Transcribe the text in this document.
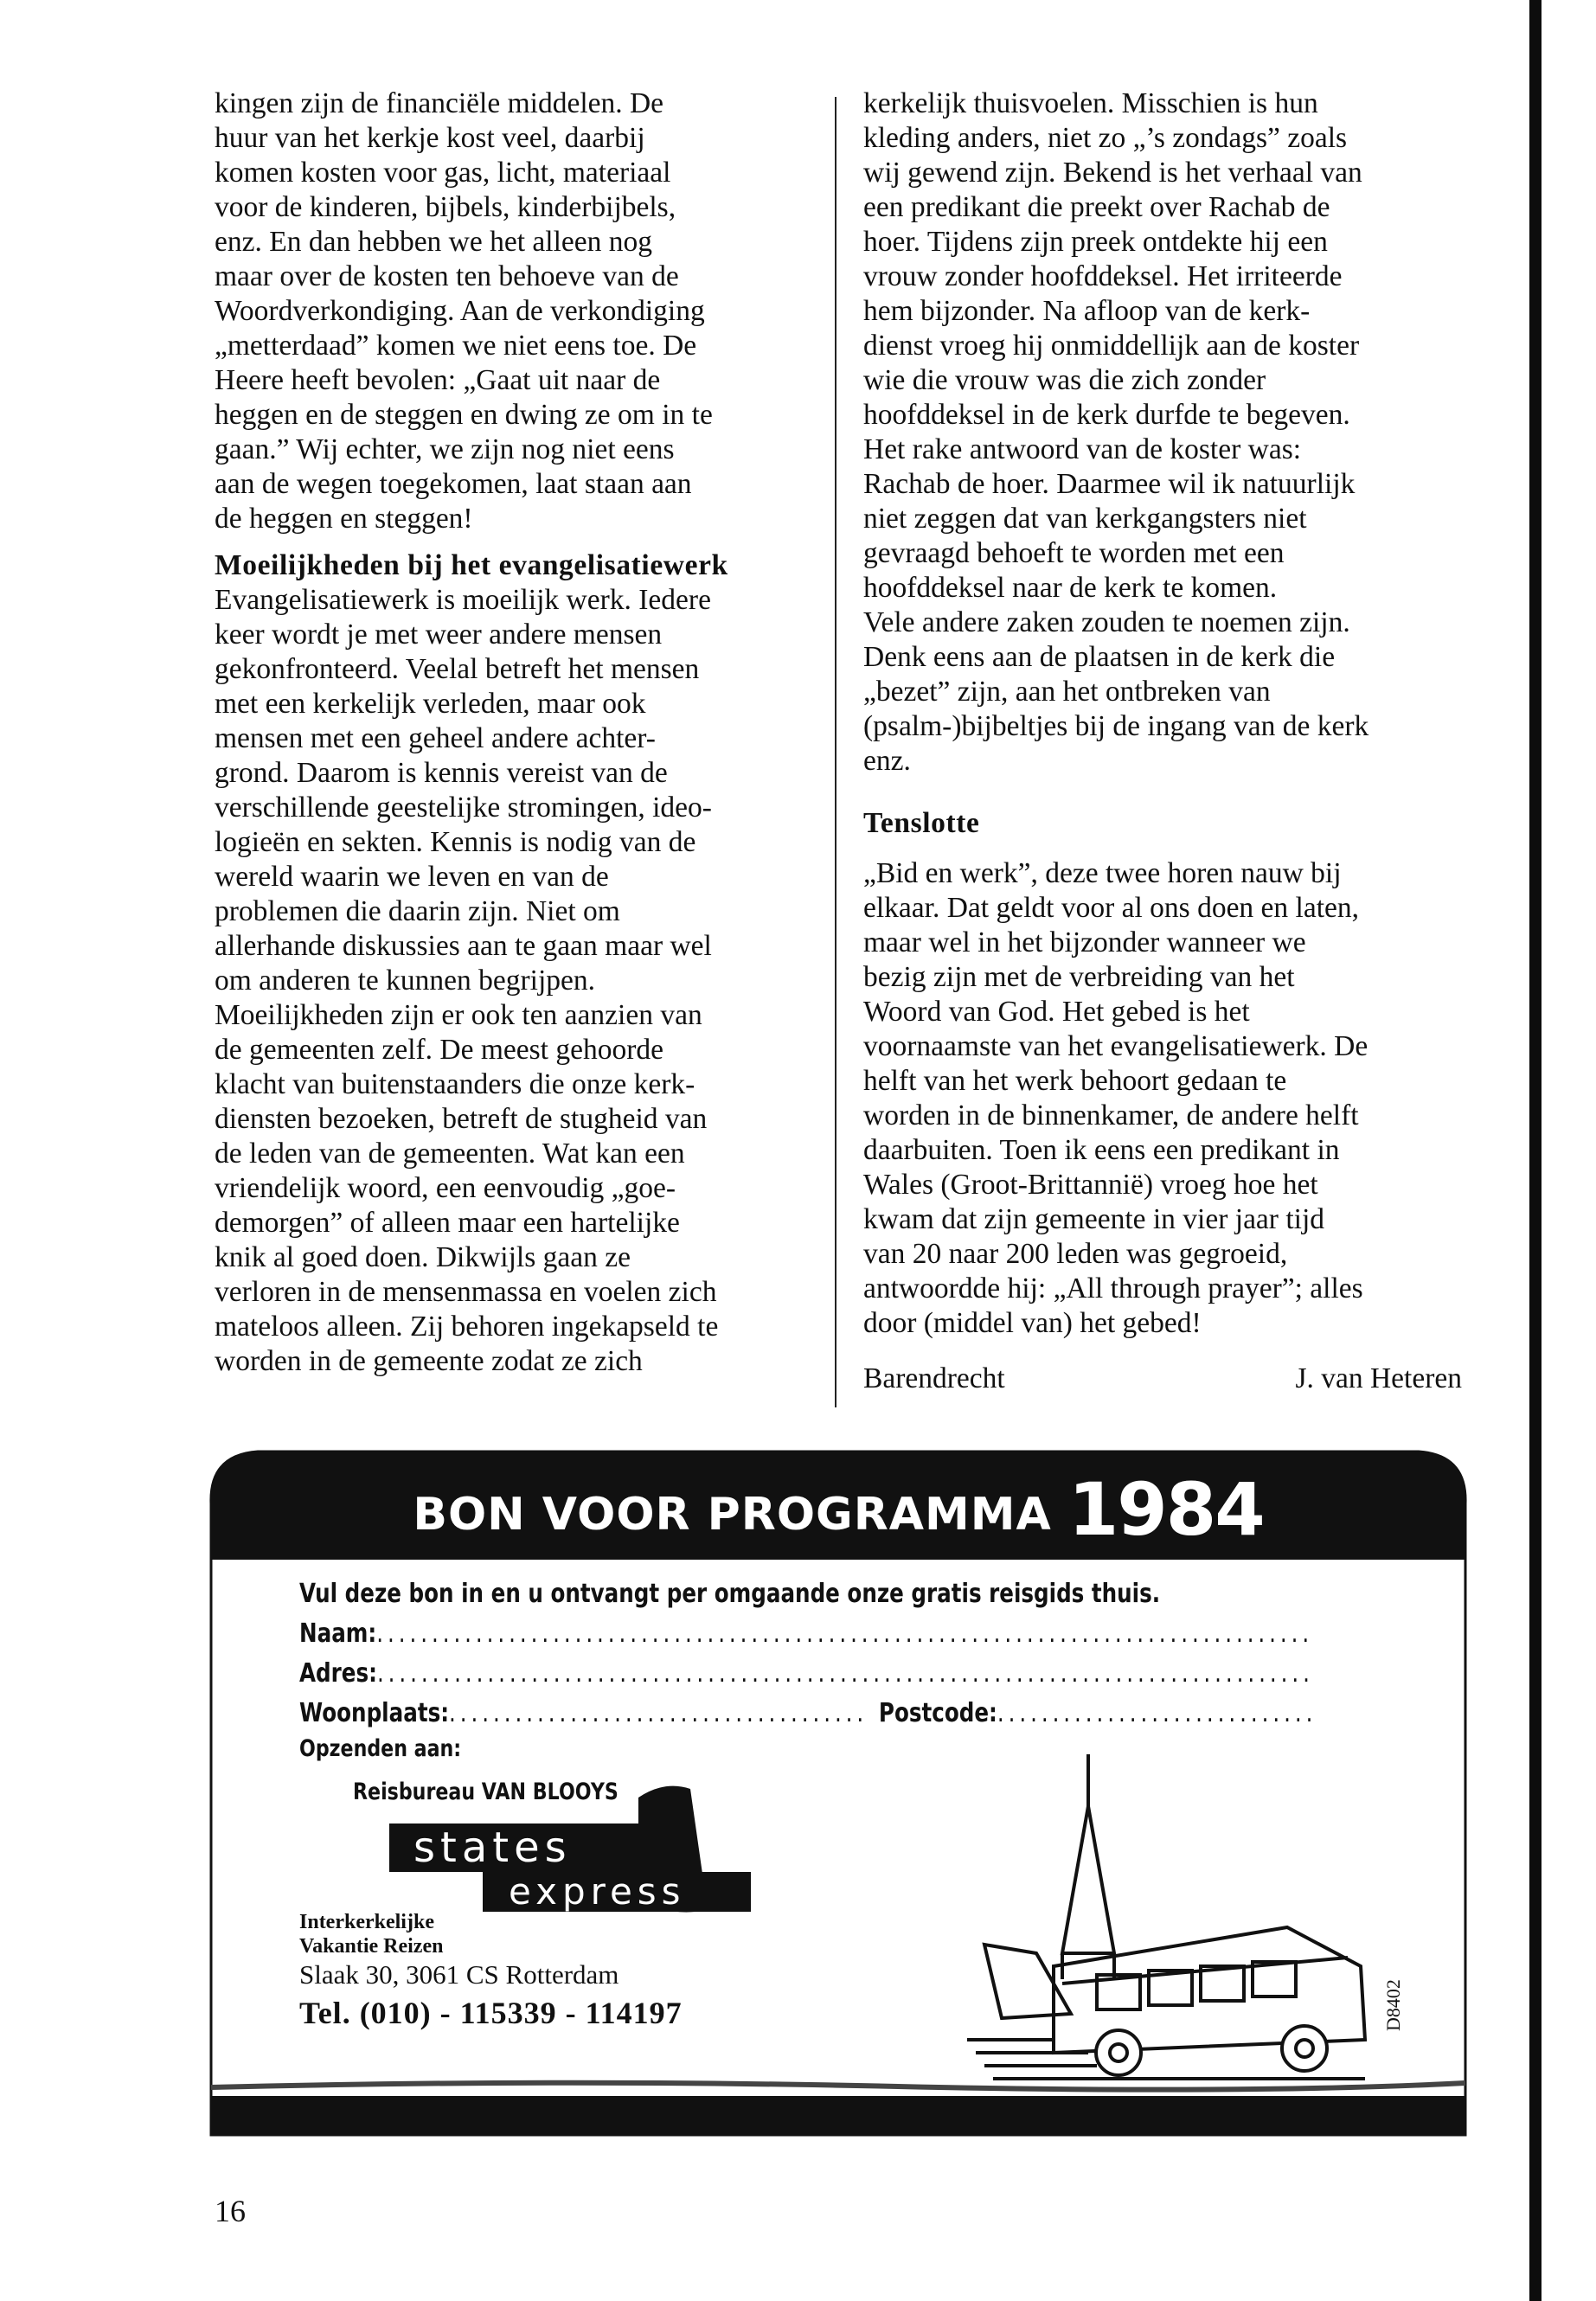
kingen zijn de financiële middelen. De
huur van het kerkje kost veel, daarbij
komen kosten voor gas, licht, materiaal
voor de kinderen, bijbels, kinderbijbels,
enz. En dan hebben we het alleen nog
maar over de kosten ten behoeve van de
Woordverkondiging. Aan de verkondiging
„metterdaad” komen we niet eens toe. De
Heere heeft bevolen: „Gaat uit naar de
heggen en de steggen en dwing ze om in te
gaan.” Wij echter, we zijn nog niet eens
aan de wegen toegekomen, laat staan aan
de heggen en steggen!
Moeilijkheden bij het evangelisatiewerk
Evangelisatiewerk is moeilijk werk. Iedere
keer wordt je met weer andere mensen
gekonfronteerd. Veelal betreft het mensen
met een kerkelijk verleden, maar ook
mensen met een geheel andere achter-
grond. Daarom is kennis vereist van de
verschillende geestelijke stromingen, ideo-
logieën en sekten. Kennis is nodig van de
wereld waarin we leven en van de
problemen die daarin zijn. Niet om
allerhande diskussies aan te gaan maar wel
om anderen te kunnen begrijpen.
Moeilijkheden zijn er ook ten aanzien van
de gemeenten zelf. De meest gehoorde
klacht van buitenstaanders die onze kerk-
diensten bezoeken, betreft de stugheid van
de leden van de gemeenten. Wat kan een
vriendelijk woord, een eenvoudig „goe-
demorgen” of alleen maar een hartelijke
knik al goed doen. Dikwijls gaan ze
verloren in de mensenmassa en voelen zich
mateloos alleen. Zij behoren ingekapseld te
worden in de gemeente zodat ze zich
kerkelijk thuisvoelen. Misschien is hun
kleding anders, niet zo „’s zondags” zoals
wij gewend zijn. Bekend is het verhaal van
een predikant die preekt over Rachab de
hoer. Tijdens zijn preek ontdekte hij een
vrouw zonder hoofddeksel. Het irriteerde
hem bijzonder. Na afloop van de kerk-
dienst vroeg hij onmiddellijk aan de koster
wie die vrouw was die zich zonder
hoofddeksel in de kerk durfde te begeven.
Het rake antwoord van de koster was:
Rachab de hoer. Daarmee wil ik natuurlijk
niet zeggen dat van kerkgangsters niet
gevraagd behoeft te worden met een
hoofddeksel naar de kerk te komen.
Vele andere zaken zouden te noemen zijn.
Denk eens aan de plaatsen in de kerk die
„bezet” zijn, aan het ontbreken van
(psalm-)bijbeltjes bij de ingang van de kerk
enz.
Tenslotte
„Bid en werk”, deze twee horen nauw bij
elkaar. Dat geldt voor al ons doen en laten,
maar wel in het bijzonder wanneer we
bezig zijn met de verbreiding van het
Woord van God. Het gebed is het
voornaamste van het evangelisatiewerk. De
helft van het werk behoort gedaan te
worden in de binnenkamer, de andere helft
daarbuiten. Toen ik eens een predikant in
Wales (Groot-Brittannië) vroeg hoe het
kwam dat zijn gemeente in vier jaar tijd
van 20 naar 200 leden was gegroeid,
antwoordde hij: „All through prayer”; alles
door (middel van) het gebed!
Barendrecht	J. van Heteren
BON VOOR PROGRAMMA 1984
Vul deze bon in en u ontvangt per omgaande onze gratis reisgids thuis.
Naam:.....................................................................................
Adres:.....................................................................................
Woonplaats:...................................... Postcode:.............................
Opzenden aan:
Reisbureau VAN BLOOYS
states
express
Interkerkelijke
Vakantie Reizen
Slaak 30, 3061 CS Rotterdam
Tel. (010) - 115339 - 114197	D8402
16
